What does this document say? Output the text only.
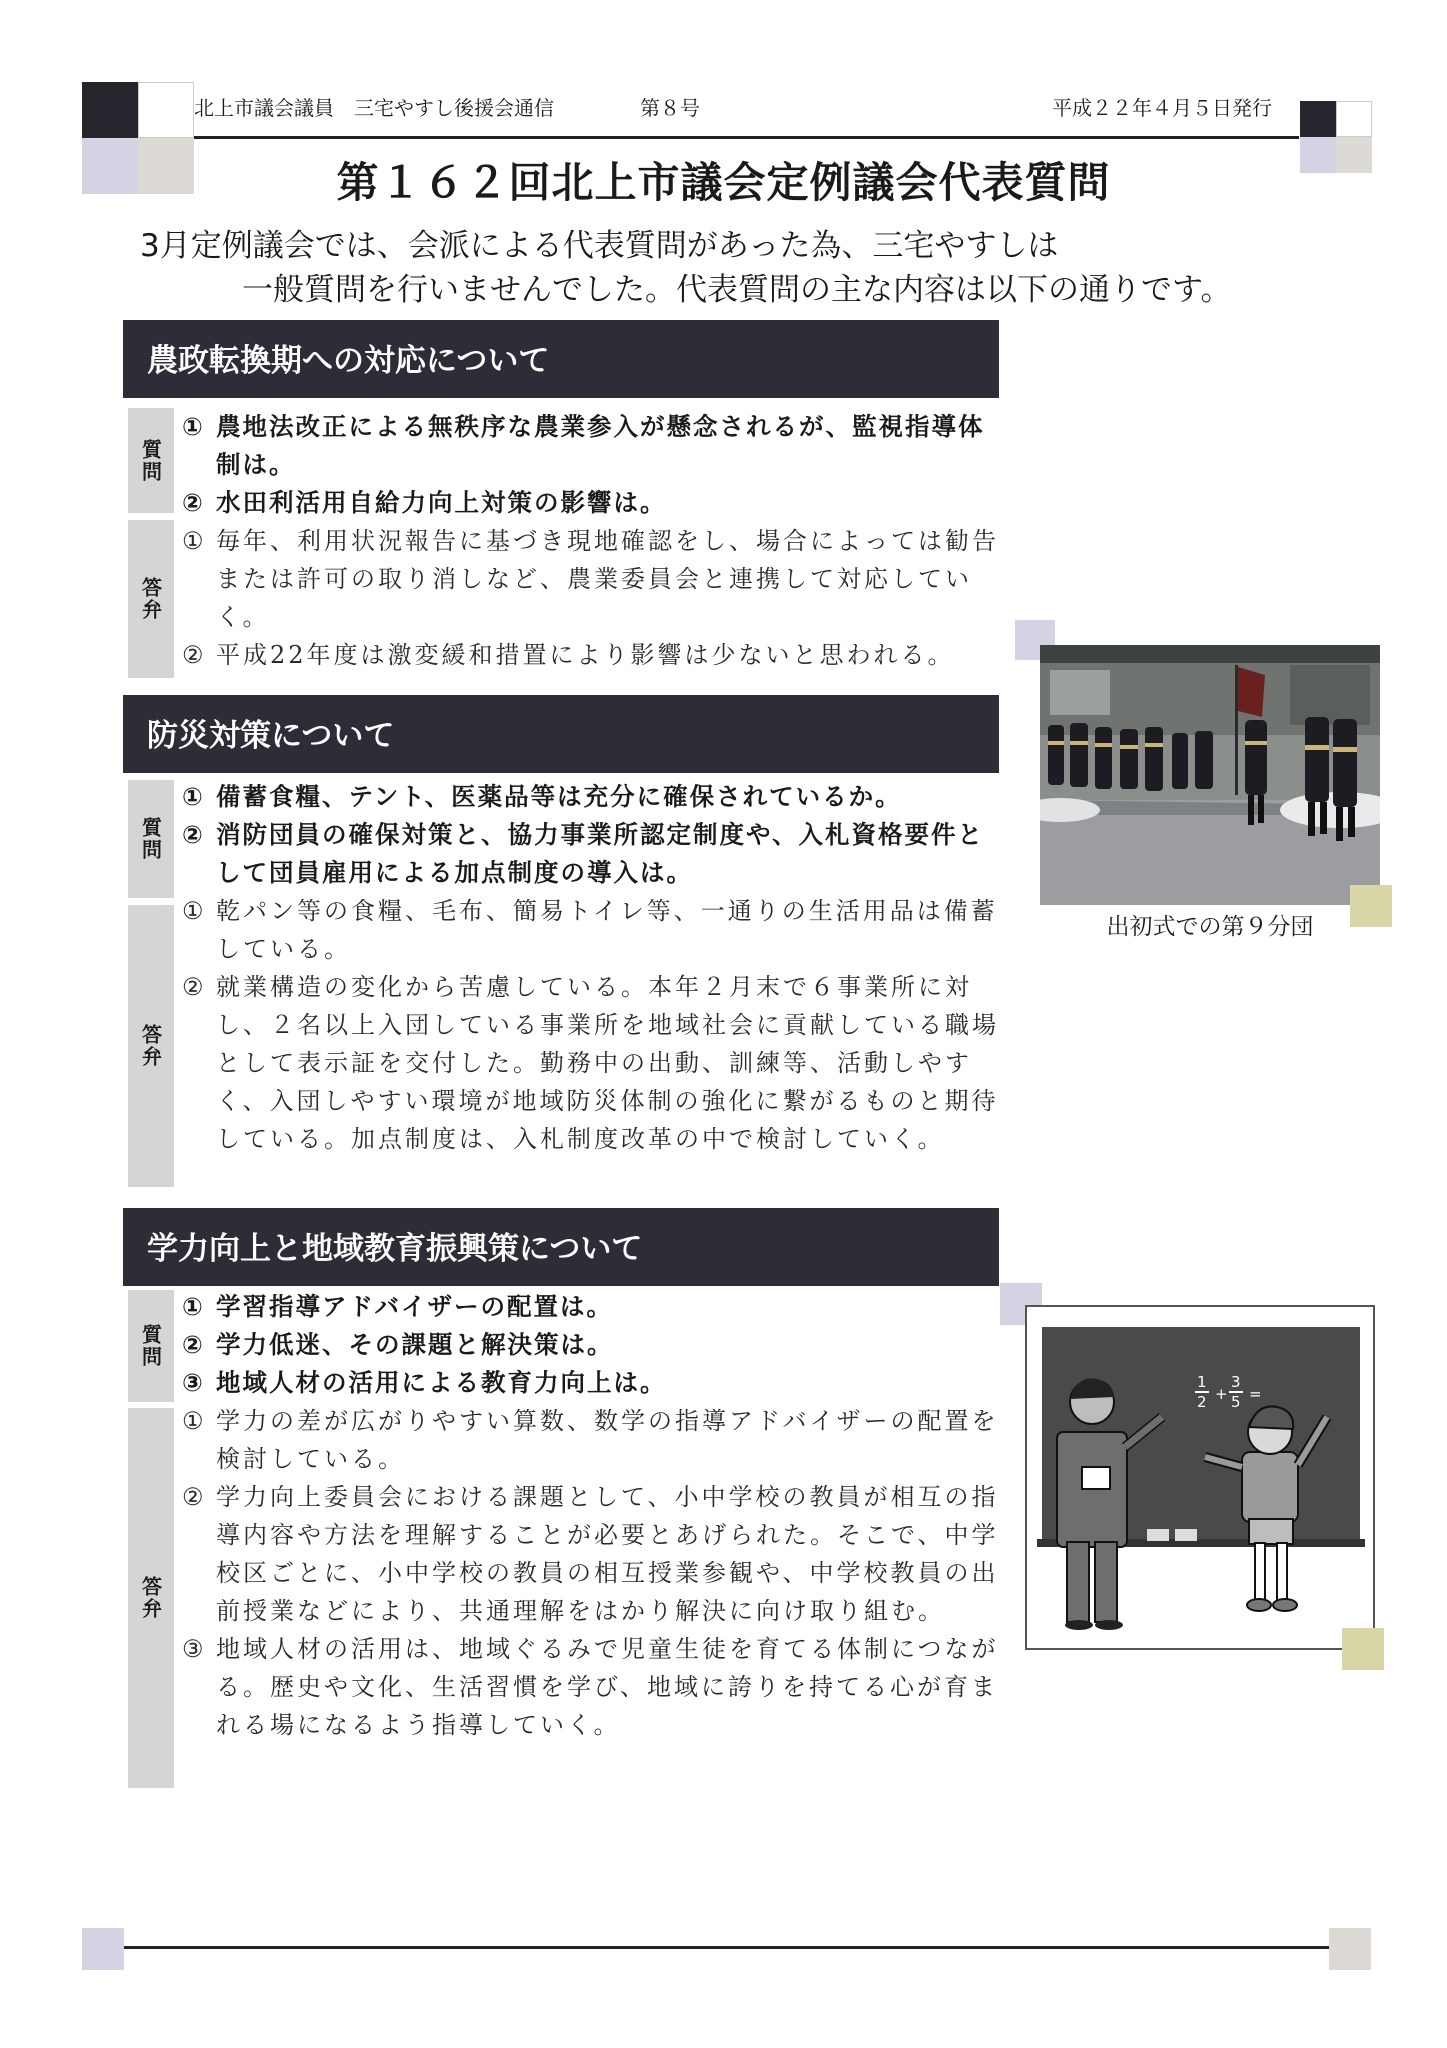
北上市議会議員　三宅やすし後援会通信	第８号	平成２２年４月５日発行
第１６２回北上市議会定例議会代表質問
3月定例議会では、会派による代表質問があった為、三宅やすしは
一般質問を行いませんでした。代表質問の主な内容は以下の通りです。
農政転換期への対応について
質問
① 農地法改正による無秩序な農業参入が懸念されるが、監視指導体制は。
② 水田利活用自給力向上対策の影響は。
答弁
① 毎年、利用状況報告に基づき現地確認をし、場合によっては勧告または許可の取り消しなど、農業委員会と連携して対応していく。
② 平成22年度は激変緩和措置により影響は少ないと思われる。
防災対策について
質問
① 備蓄食糧、テント、医薬品等は充分に確保されているか。
② 消防団員の確保対策と、協力事業所認定制度や、入札資格要件として団員雇用による加点制度の導入は。
答弁
① 乾パン等の食糧、毛布、簡易トイレ等、一通りの生活用品は備蓄している。
② 就業構造の変化から苦慮している。本年２月末で６事業所に対し、２名以上入団している事業所を地域社会に貢献している職場として表示証を交付した。勤務中の出動、訓練等、活動しやすく、入団しやすい環境が地域防災体制の強化に繋がるものと期待している。加点制度は、入札制度改革の中で検討していく。
学力向上と地域教育振興策について
質問
① 学習指導アドバイザーの配置は。
② 学力低迷、その課題と解決策は。
③ 地域人材の活用による教育力向上は。
答弁
① 学力の差が広がりやすい算数、数学の指導アドバイザーの配置を検討している。
② 学力向上委員会における課題として、小中学校の教員が相互の指導内容や方法を理解することが必要とあげられた。そこで、中学校区ごとに、小中学校の教員の相互授業参観や、中学校教員の出前授業などにより、共通理解をはかり解決に向け取り組む。
③ 地域人材の活用は、地域ぐるみで児童生徒を育てる体制につながる。歴史や文化、生活習慣を学び、地域に誇りを持てる心が育まれる場になるよう指導していく。
出初式での第９分団
1
2 +
3
5 =
